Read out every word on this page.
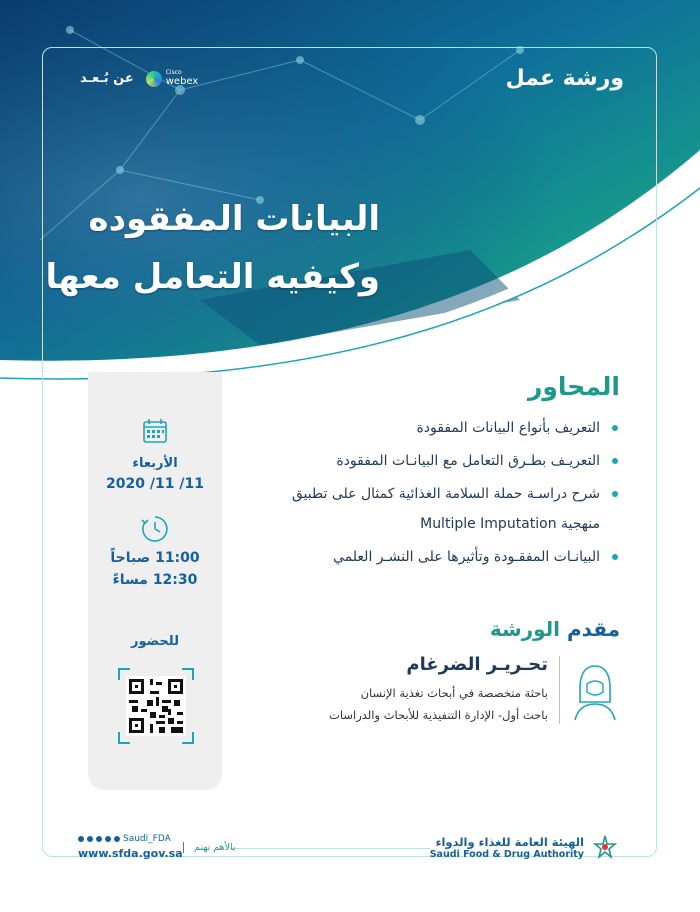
ورشة عمل
عن بُـعـد	Cisco
webex
البيانات المفقوده
وكيفيه التعامل معها
الأربعاء
11/ 11/ 2020
11:00 صباحاً
12:30 مساءً
للحضور
المحاور
التعريف بأنواع البيانات المفقودة
التعريـف بطـرق التعامل مع البيانـات المفقودة
شرح دراسـة حملة السلامة الغذائية كمثال على تطبيق منهجية Multiple Imputation
البيانـات المفقـودة وتأثيرها على النشـر العلمي
مقدم الورشة
تحـريـر الضرغام
باحثة متخصصة في أبحاث تغذية الإنسان
باحث أول- الإدارة التنفيذية للأبحاث والدراسات
Saudi_FDA
www.sfda.gov.sa	بالأهم نهتم	الهيئة العامة للغذاء والدواء
Saudi Food & Drug Authority
